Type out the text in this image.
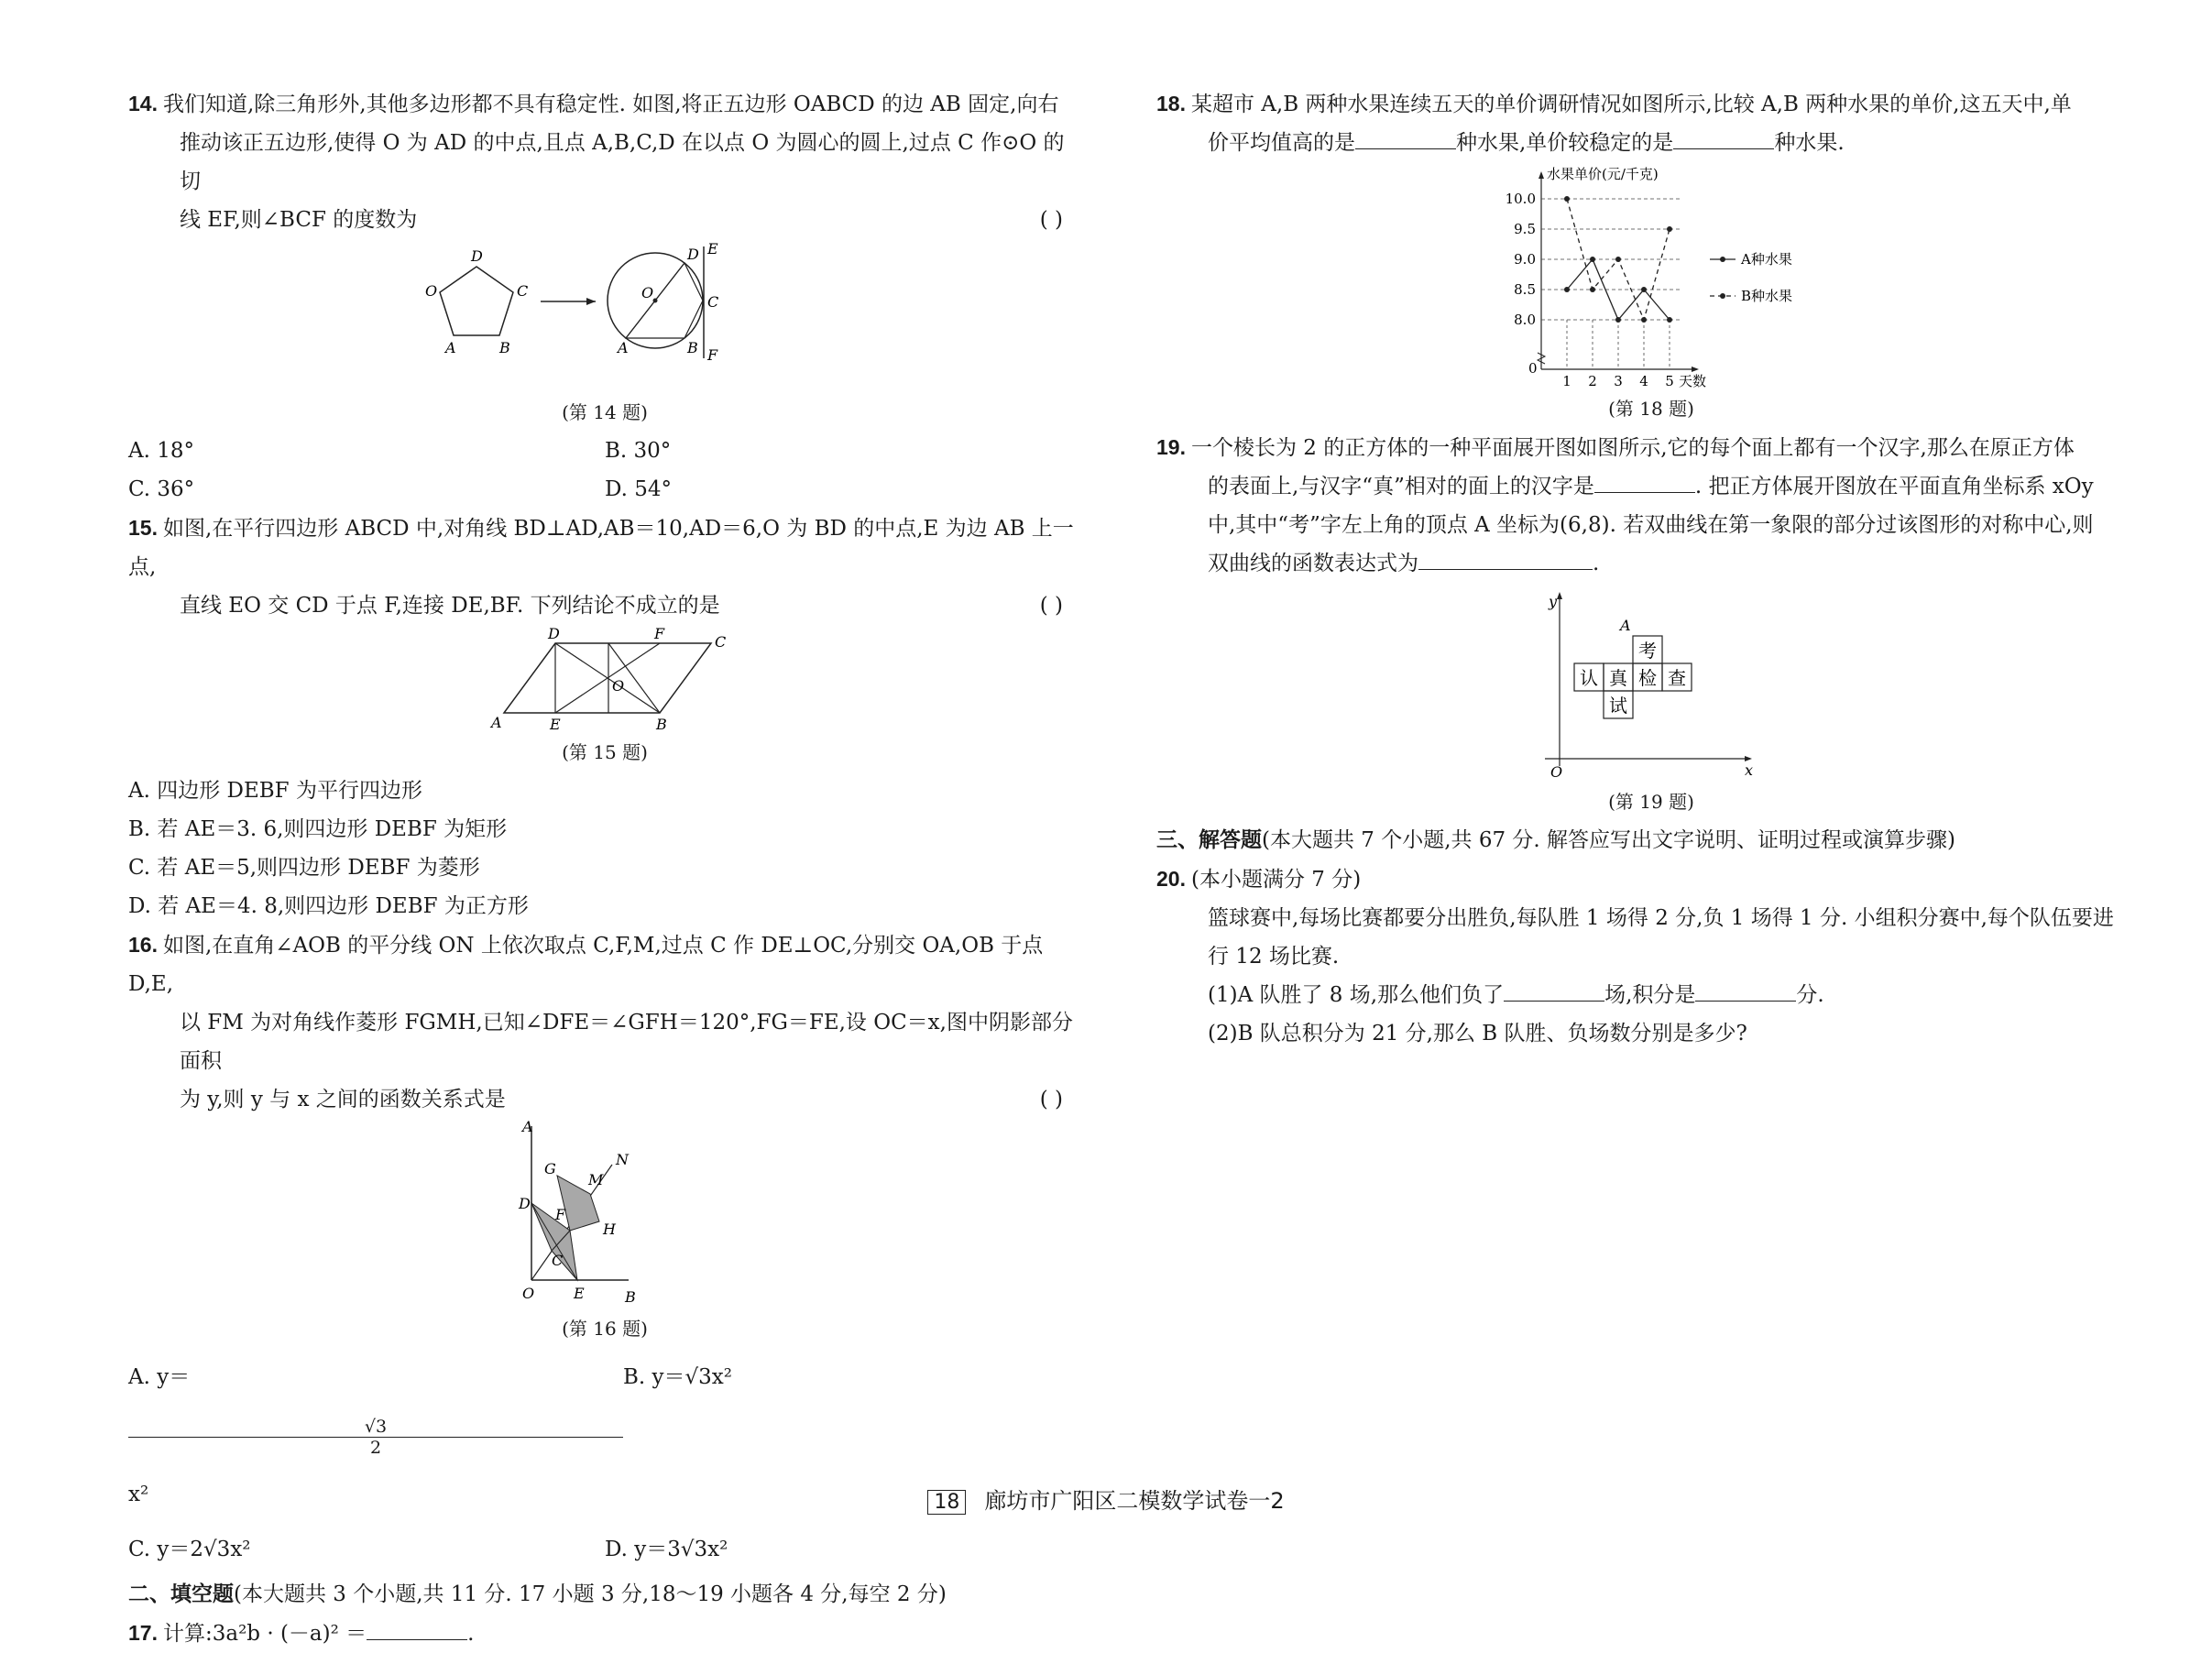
14. 我们知道,除三角形外,其他多边形都不具有稳定性. 如图,将正五边形 OABCD 的边 AB 固定,向右

推动该正五边形,使得 O 为 AD 的中点,且点 A,B,C,D 在以点 O 为圆心的圆上,过点 C 作⊙O 的切

线 EF,则∠BCF 的度数为	( )

D
O	C
A	B
E
D
O
C
A	B F

(第 14 题)

A. 18°	B. 30°
C. 36°	D. 54°

15. 如图,在平行四边形 ABCD 中,对角线 BD⊥AD,AB＝10,AD＝6,O 为 BD 的中点,E 为边 AB 上一点,

直线 EO 交 CD 于点 F,连接 DE,BF. 下列结论不成立的是	( )

D	F	C
O
A	E	B

(第 15 题)

A. 四边形 DEBF 为平行四边形

B. 若 AE＝3. 6,则四边形 DEBF 为矩形

C. 若 AE＝5,则四边形 DEBF 为菱形

D. 若 AE＝4. 8,则四边形 DEBF 为正方形

16. 如图,在直角∠AOB 的平分线 ON 上依次取点 C,F,M,过点 C 作 DE⊥OC,分别交 OA,OB 于点 D,E,

以 FM 为对角线作菱形 FGMH,已知∠DFE＝∠GFH＝120°,FG＝FE,设 OC＝x,图中阴影部分面积

为 y,则 y 与 x 之间的函数关系式是	( )

A
N
G
M
D
F
H
C
O	E	B

(第 16 题)

A. y＝
$\frac{√3}{2}$
x²
B. y＝√3x²
C. y＝2√3x²	D. y＝3√3x²

二、填空题(本大题共 3 个小题,共 11 分. 17 小题 3 分,18～19 小题各 4 分,每空 2 分)

17. 计算:3a²b · (－a)² ＝	.

18. 某超市 A,B 两种水果连续五天的单价调研情况如图所示,比较 A,B 两种水果的单价,这五天中,单

价平均值高的是	种水果,单价较稳定的是	种水果.

水果单价(元/千克)
天数
0
10.0
9.5
9.0
8.5
8.0
1 2 3 4 5
A种水果
B种水果

(第 18 题)

19. 一个棱长为 2 的正方体的一种平面展开图如图所示,它的每个面上都有一个汉字,那么在原正方体

的表面上,与汉字“真”相对的面上的汉字是	. 把正方体展开图放在平面直角坐标系 xOy

中,其中“考”字左上角的顶点 A 坐标为(6,8). 若双曲线在第一象限的部分过该图形的对称中心,则

双曲线的函数表达式为	.

y
x
O
A
考
认 真 检 查
试

(第 19 题)

三、解答题(本大题共 7 个小题,共 67 分. 解答应写出文字说明、证明过程或演算步骤)

20. (本小题满分 7 分)

篮球赛中,每场比赛都要分出胜负,每队胜 1 场得 2 分,负 1 场得 1 分. 小组积分赛中,每个队伍要进

行 12 场比赛.

(1)A 队胜了 8 场,那么他们负了	场,积分是	分.

(2)B 队总积分为 21 分,那么 B 队胜、负场数分别是多少?

18 廊坊市广阳区二模数学试卷一2
